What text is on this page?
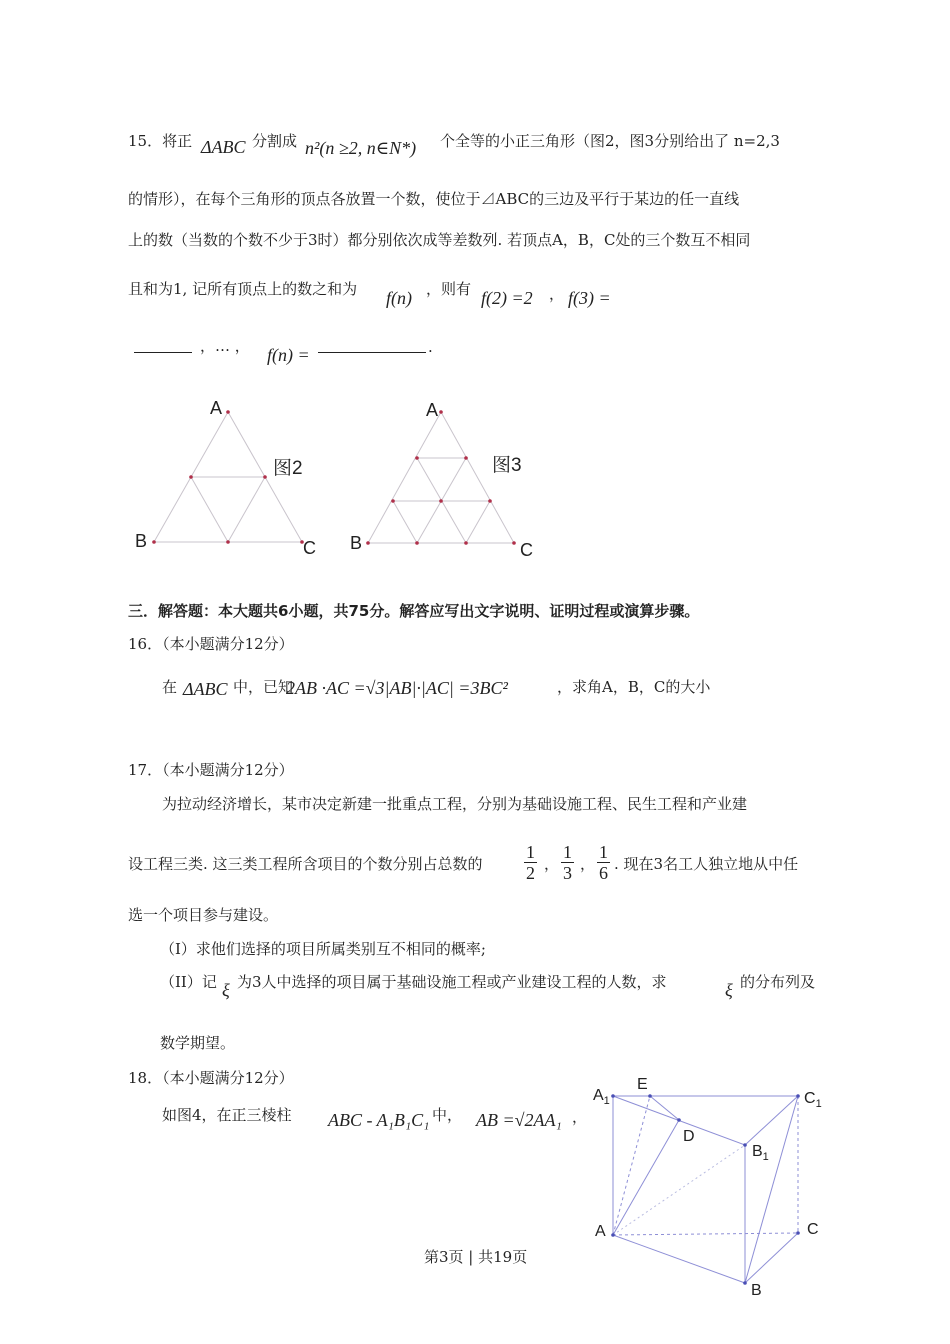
15．将正 ΔABC 分割成 n²(n ≥2, n∈N*) 个全等的小正三角形（图2，图3分别给出了 n=2,3
的情形），在每个三角形的顶点各放置一个数，使位于⊿ABC的三边及平行于某边的任一直线
上的数（当数的个数不少于3时）都分别依次成等差数列. 若顶点A，B，C处的三个数互不相同
且和为1, 记所有顶点上的数之和为 f(n) ，则有 f(2) =2 ， f(3) =
，… ， f(n) =	.
A
B	C
图2
A
B	C
图3
三．解答题：本大题共6小题，共75分。解答应写出文字说明、证明过程或演算步骤。
16．（本小题满分12分）
在 ΔABC 中，已知
2AB ·AC =√3|AB|·|AC| =3BC²	，求角A，B，C的大小
17．（本小题满分12分）
为拉动经济增长，某市决定新建一批重点工程，分别为基础设施工程、民生工程和产业建
设工程三类. 这三类工程所含项目的个数分别占总数的 $\frac{1}{2}$ ， $\frac{1}{3}$ ， $\frac{1}{6}$ . 现在3名工人独立地从中任
选一个项目参与建设。
（I）求他们选择的项目所属类别互不相同的概率;
（II）记 ξ 为3人中选择的项目属于基础设施工程或产业建设工程的人数，求	ξ 的分布列及
数学期望。
18．（本小题满分12分）
如图4，在正三棱柱 ABC - A₁B₁C₁ 中， AB =√2AA₁ ，
$A_1$
E
$C_1$
D
$B_1$
A	C
B
第3页 | 共19页
